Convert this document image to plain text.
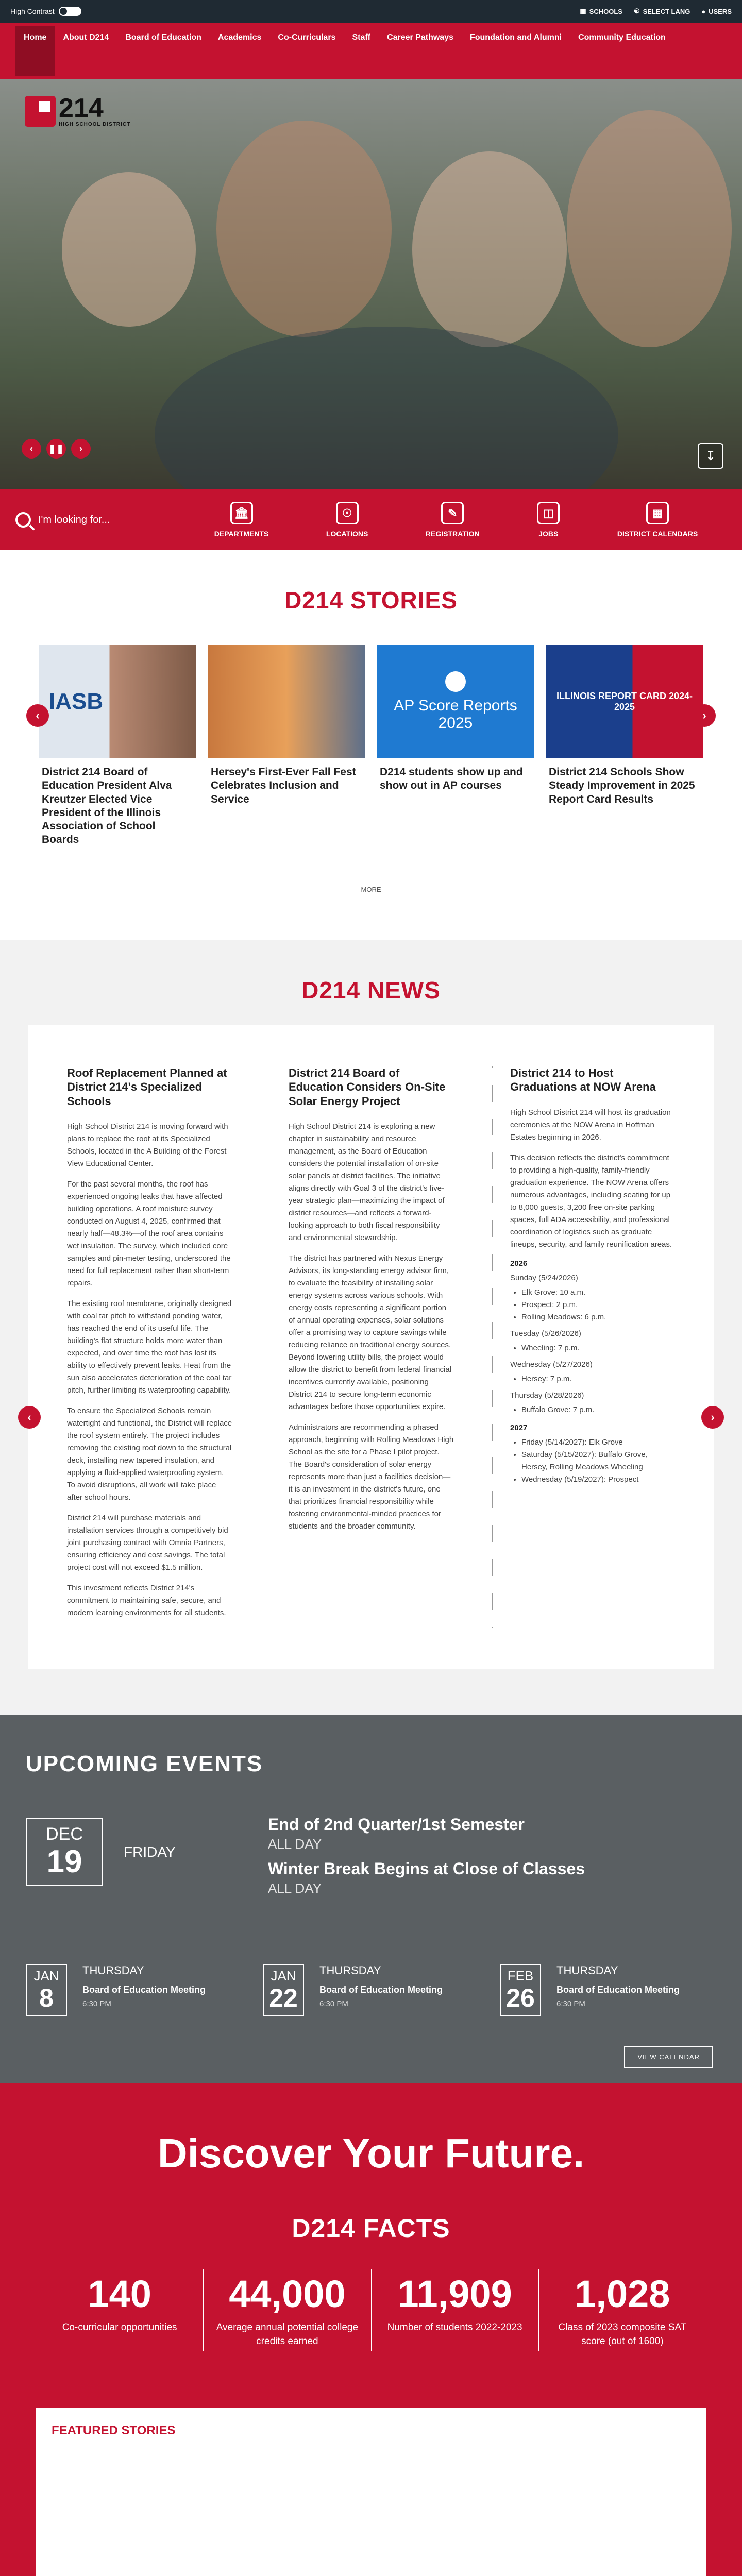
High Contrast	▦ SCHOOLS ☯ SELECT LANG ● USERS
Home	About D214	Board of Education	Academics	Co-Curriculars	Staff	Career Pathways	Foundation and Alumni	Community Education
214
HIGH SCHOOL DISTRICT
‹	❚❚	›
↧
I'm looking for...
🏛
DEPARTMENTS
☉
LOCATIONS
✎
REGISTRATION
◫
JOBS
▦
DISTRICT CALENDARS
D214 STORIES
‹
IASB
District 214 Board of Education President Alva Kreutzer Elected Vice President of the Illinois Association of School Boards
Hersey's First-Ever Fall Fest Celebrates Inclusion and Service
AP Score Reports 2025
D214 students show up and show out in AP courses
ILLINOIS REPORT CARD 2024-2025
District 214 Schools Show Steady Improvement in 2025 Report Card Results
›
MORE
D214 NEWS
‹
Roof Replacement Planned at District 214's Specialized Schools

High School District 214 is moving forward with plans to replace the roof at its Specialized Schools, located in the A Building of the Forest View Educational Center.

For the past several months, the roof has experienced ongoing leaks that have affected building operations. A roof moisture survey conducted on August 4, 2025, confirmed that nearly half—48.3%—of the roof area contains wet insulation. The survey, which included core samples and pin-meter testing, underscored the need for full replacement rather than short-term repairs.

The existing roof membrane, originally designed with coal tar pitch to withstand ponding water, has reached the end of its useful life. The building's flat structure holds more water than expected, and over time the roof has lost its ability to effectively prevent leaks. Heat from the sun also accelerates deterioration of the coal tar pitch, further limiting its waterproofing capability.

To ensure the Specialized Schools remain watertight and functional, the District will replace the roof system entirely. The project includes removing the existing roof down to the structural deck, installing new tapered insulation, and applying a fluid-applied waterproofing system. To avoid disruptions, all work will take place after school hours.

District 214 will purchase materials and installation services through a competitively bid joint purchasing contract with Omnia Partners, ensuring efficiency and cost savings. The total project cost will not exceed $1.5 million.

This investment reflects District 214's commitment to maintaining safe, secure, and modern learning environments for all students.

District 214 Board of Education Considers On-Site Solar Energy Project

High School District 214 is exploring a new chapter in sustainability and resource management, as the Board of Education considers the potential installation of on-site solar panels at district facilities. The initiative aligns directly with Goal 3 of the district's five-year strategic plan—maximizing the impact of district resources—and reflects a forward-looking approach to both fiscal responsibility and environmental stewardship.

The district has partnered with Nexus Energy Advisors, its long-standing energy advisor firm, to evaluate the feasibility of installing solar energy systems across various schools. With energy costs representing a significant portion of annual operating expenses, solar solutions offer a promising way to capture savings while reducing reliance on traditional energy sources. Beyond lowering utility bills, the project would allow the district to benefit from federal financial incentives currently available, positioning District 214 to secure long-term economic advantages before those opportunities expire.

Administrators are recommending a phased approach, beginning with Rolling Meadows High School as the site for a Phase I pilot project. The Board's consideration of solar energy represents more than just a facilities decision—it is an investment in the district's future, one that prioritizes financial responsibility while fostering environmental-minded practices for students and the broader community.

District 214 to Host Graduations at NOW Arena

High School District 214 will host its graduation ceremonies at the NOW Arena in Hoffman Estates beginning in 2026.

This decision reflects the district's commitment to providing a high-quality, family-friendly graduation experience. The NOW Arena offers numerous advantages, including seating for up to 8,000 guests, 3,200 free on-site parking spaces, full ADA accessibility, and professional coordination of logistics such as graduate lineups, security, and family reunification areas.

2026

Sunday (5/24/2026)

• Elk Grove: 10 a.m.
• Prospect: 2 p.m.
• Rolling Meadows: 6 p.m.

Tuesday (5/26/2026)

• Wheeling: 7 p.m.

Wednesday (5/27/2026)

• Hersey: 7 p.m.

Thursday (5/28/2026)

• Buffalo Grove: 7 p.m.
2027
• Friday (5/14/2027): Elk Grove
• Saturday (5/15/2027): Buffalo Grove, Hersey, Rolling Meadows Wheeling
• Wednesday (5/19/2027): Prospect
›
UPCOMING EVENTS
DEC
19	FRIDAY
End of 2nd Quarter/1st Semester
ALL DAY
Winter Break Begins at Close of Classes
ALL DAY
JAN
8
THURSDAY
Board of Education Meeting
6:30 PM
JAN
22
THURSDAY
Board of Education Meeting
6:30 PM
FEB
26
THURSDAY
Board of Education Meeting
6:30 PM
VIEW CALENDAR
Discover Your Future.
D214 FACTS
140
Co-curricular opportunities
44,000
Average annual potential college credits earned
11,909
Number of students 2022-2023
1,028
Class of 2023 composite SAT score (out of 1600)
FEATURED STORIES
